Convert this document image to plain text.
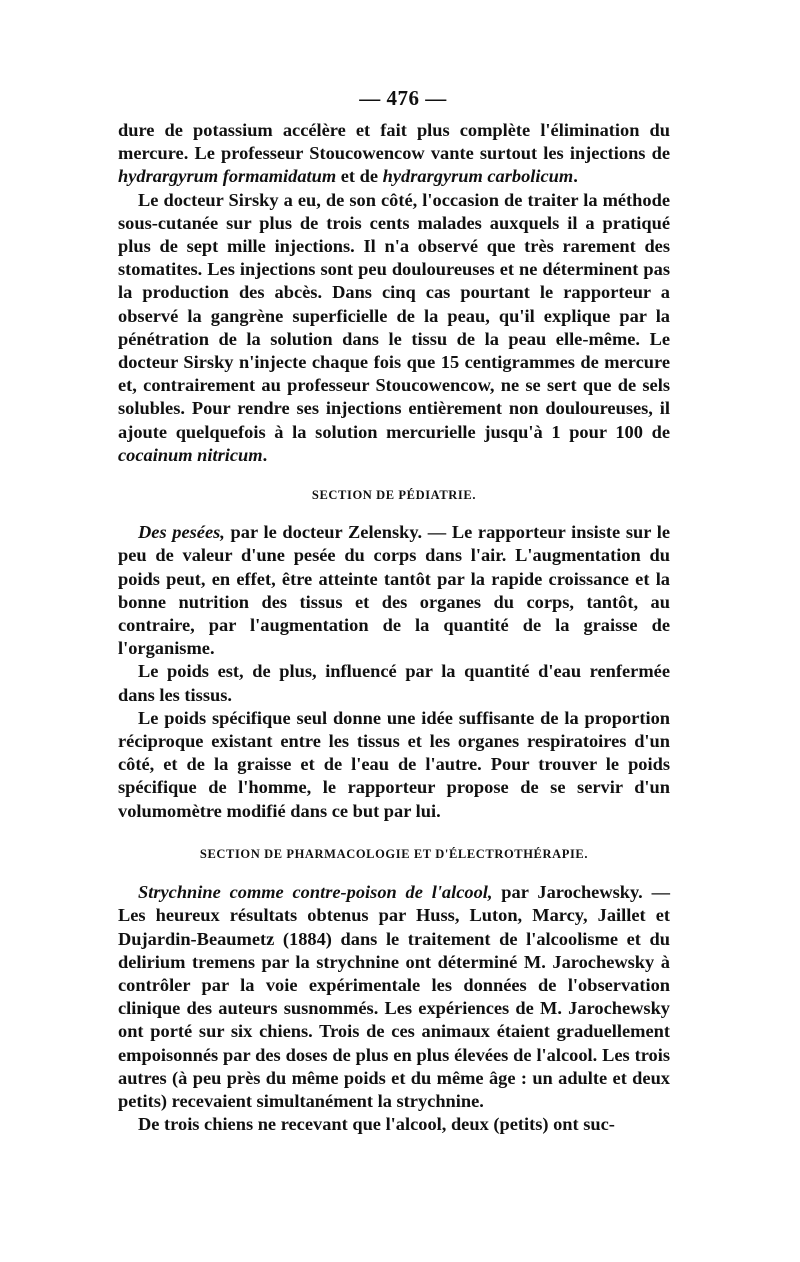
— 476 —

dure de potassium accélère et fait plus complète l'élimination du mercure. Le professeur Stoucowencow vante surtout les injections de hydrargyrum formamidatum et de hydrargyrum carbolicum.

Le docteur Sirsky a eu, de son côté, l'occasion de traiter la méthode sous-cutanée sur plus de trois cents malades auxquels il a pratiqué plus de sept mille injections. Il n'a observé que très rarement des stomatites. Les injections sont peu douloureuses et ne déterminent pas la production des abcès. Dans cinq cas pourtant le rapporteur a observé la gangrène superficielle de la peau, qu'il explique par la pénétration de la solution dans le tissu de la peau elle-même. Le docteur Sirsky n'injecte chaque fois que 15 centigrammes de mercure et, contrairement au professeur Stoucowencow, ne se sert que de sels solubles. Pour rendre ses injections entièrement non douloureuses, il ajoute quelquefois à la solution mercurielle jusqu'à 1 pour 100 de cocainum nitricum.

SECTION DE PÉDIATRIE.

Des pesées, par le docteur Zelensky. — Le rapporteur insiste sur le peu de valeur d'une pesée du corps dans l'air. L'augmentation du poids peut, en effet, être atteinte tantôt par la rapide croissance et la bonne nutrition des tissus et des organes du corps, tantôt, au contraire, par l'augmentation de la quantité de la graisse de l'organisme.

Le poids est, de plus, influencé par la quantité d'eau renfermée dans les tissus.

Le poids spécifique seul donne une idée suffisante de la proportion réciproque existant entre les tissus et les organes respiratoires d'un côté, et de la graisse et de l'eau de l'autre. Pour trouver le poids spécifique de l'homme, le rapporteur propose de se servir d'un volumomètre modifié dans ce but par lui.

SECTION DE PHARMACOLOGIE ET D'ÉLECTROTHÉRAPIE.

Strychnine comme contre-poison de l'alcool, par Jarochewsky. — Les heureux résultats obtenus par Huss, Luton, Marcy, Jaillet et Dujardin-Beaumetz (1884) dans le traitement de l'alcoolisme et du delirium tremens par la strychnine ont déterminé M. Jarochewsky à contrôler par la voie expérimentale les données de l'observation clinique des auteurs susnommés. Les expériences de M. Jarochewsky ont porté sur six chiens. Trois de ces animaux étaient graduellement empoisonnés par des doses de plus en plus élevées de l'alcool. Les trois autres (à peu près du même poids et du même âge : un adulte et deux petits) recevaient simultanément la strychnine.

De trois chiens ne recevant que l'alcool, deux (petits) ont suc-
